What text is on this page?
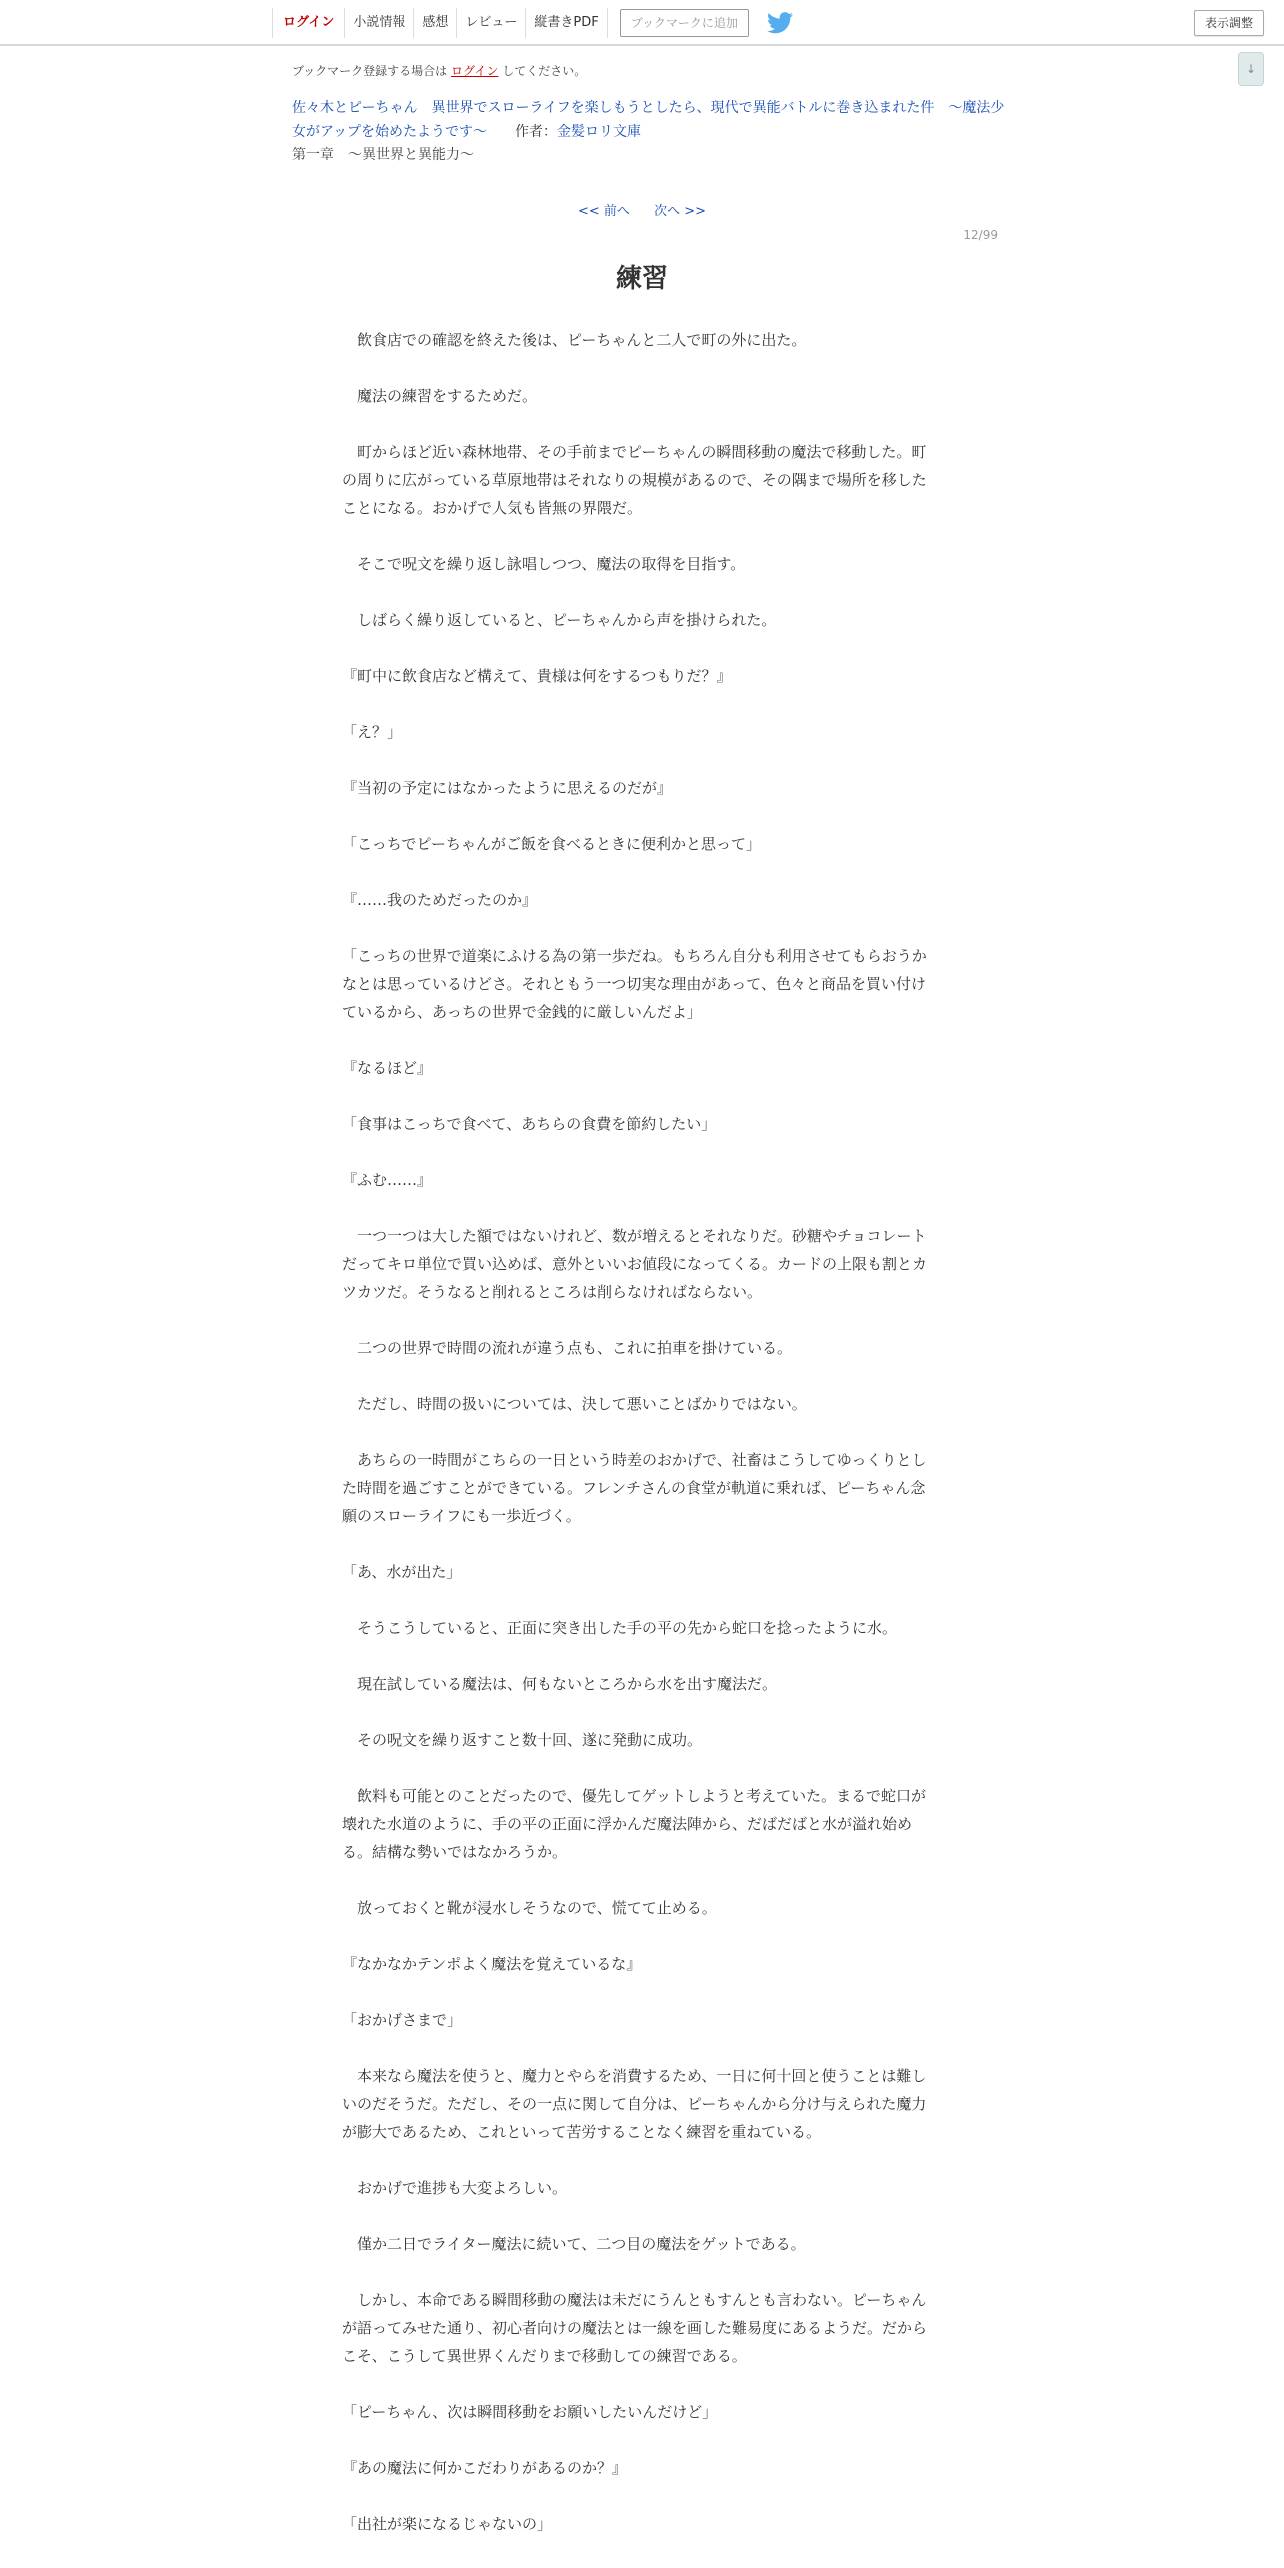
ログイン	小説情報	感想	レビュー	縦書きPDF	ブックマークに追加	表示調整
↓
ブックマーク登録する場合は ログイン してください。
佐々木とピーちゃん　異世界でスローライフを楽しもうとしたら、現代で異能バトルに巻き込まれた件　～魔法少女がアップを始めたようです～　　 作者：金髪ロリ文庫
第一章　～異世界と異能力～
<< 前へ 次へ >>
12/99
練習

　飲食店での確認を終えた後は、ピーちゃんと二人で町の外に出た。

　魔法の練習をするためだ。

　町からほど近い森林地帯、その手前までピーちゃんの瞬間移動の魔法で移動した。町の周りに広がっている草原地帯はそれなりの規模があるので、その隅まで場所を移したことになる。おかげで人気も皆無の界隈だ。

　そこで呪文を繰り返し詠唱しつつ、魔法の取得を目指す。

　しばらく繰り返していると、ピーちゃんから声を掛けられた。

『町中に飲食店など構えて、貴様は何をするつもりだ？』

「え？」

『当初の予定にはなかったように思えるのだが』

「こっちでピーちゃんがご飯を食べるときに便利かと思って」

『……我のためだったのか』

「こっちの世界で道楽にふける為の第一歩だね。もちろん自分も利用させてもらおうかなとは思っているけどさ。それともう一つ切実な理由があって、色々と商品を買い付けているから、あっちの世界で金銭的に厳しいんだよ」

『なるほど』

「食事はこっちで食べて、あちらの食費を節約したい」

『ふむ……』

　一つ一つは大した額ではないけれど、数が増えるとそれなりだ。砂糖やチョコレートだってキロ単位で買い込めば、意外といいお値段になってくる。カードの上限も割とカツカツだ。そうなると削れるところは削らなければならない。

　二つの世界で時間の流れが違う点も、これに拍車を掛けている。

　ただし、時間の扱いについては、決して悪いことばかりではない。

　あちらの一時間がこちらの一日という時差のおかげで、社畜はこうしてゆっくりとした時間を過ごすことができている。フレンチさんの食堂が軌道に乗れば、ピーちゃん念願のスローライフにも一歩近づく。

「あ、水が出た」

　そうこうしていると、正面に突き出した手の平の先から蛇口を捻ったように水。

　現在試している魔法は、何もないところから水を出す魔法だ。

　その呪文を繰り返すこと数十回、遂に発動に成功。

　飲料も可能とのことだったので、優先してゲットしようと考えていた。まるで蛇口が壊れた水道のように、手の平の正面に浮かんだ魔法陣から、だばだばと水が溢れ始める。結構な勢いではなかろうか。

　放っておくと靴が浸水しそうなので、慌てて止める。

『なかなかテンポよく魔法を覚えているな』

「おかげさまで」

　本来なら魔法を使うと、魔力とやらを消費するため、一日に何十回と使うことは難しいのだそうだ。ただし、その一点に関して自分は、ピーちゃんから分け与えられた魔力が膨大であるため、これといって苦労することなく練習を重ねている。

　おかげで進捗も大変よろしい。

　僅か二日でライター魔法に続いて、二つ目の魔法をゲットである。

　しかし、本命である瞬間移動の魔法は未だにうんともすんとも言わない。ピーちゃんが語ってみせた通り、初心者向けの魔法とは一線を画した難易度にあるようだ。だからこそ、こうして異世界くんだりまで移動しての練習である。

「ピーちゃん、次は瞬間移動をお願いしたいんだけど」

『あの魔法に何かこだわりがあるのか？』

「出社が楽になるじゃないの」
